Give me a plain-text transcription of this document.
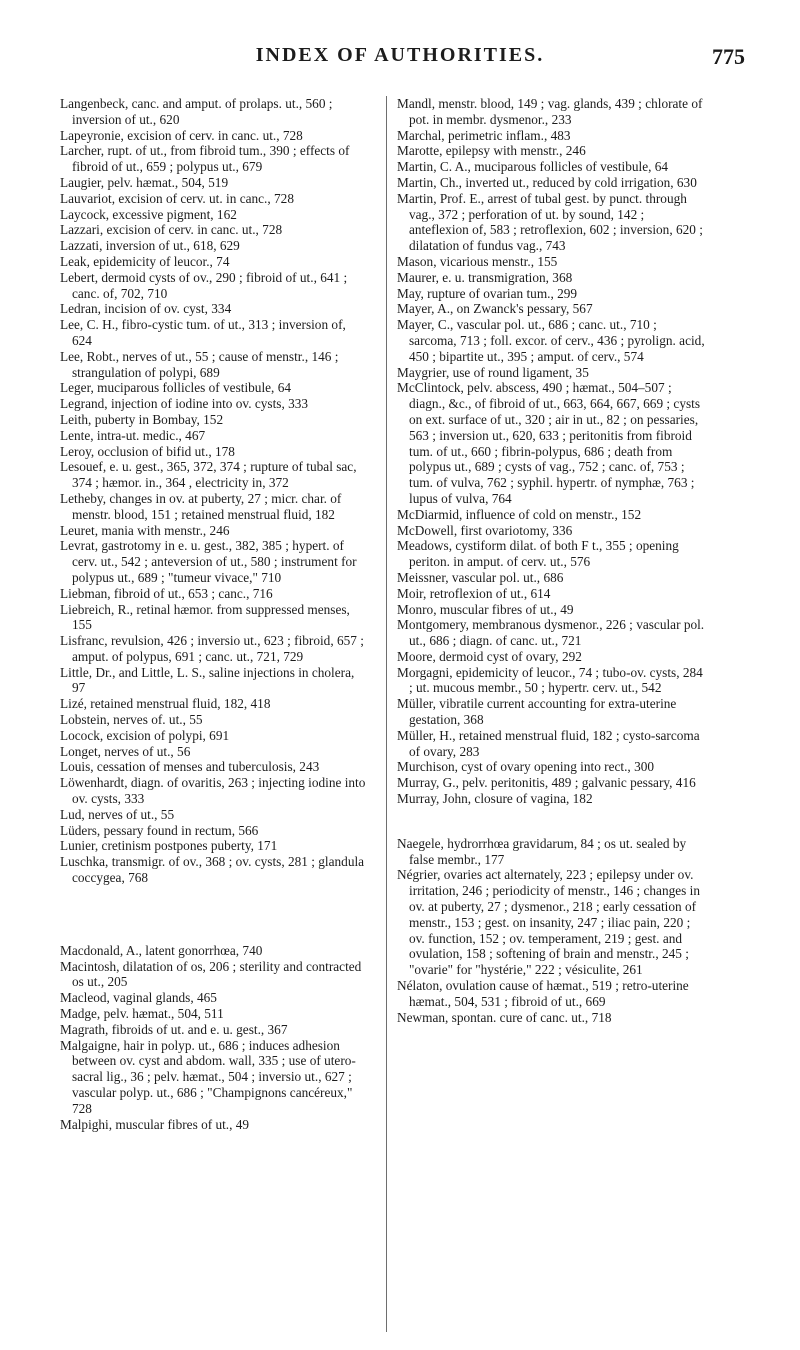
INDEX OF AUTHORITIES.	775

Langenbeck, canc. and amput. of prolaps. ut., 560 ; inversion of ut., 620

Lapeyronie, excision of cerv. in canc. ut., 728

Larcher, rupt. of ut., from fibroid tum., 390 ; effects of fibroid of ut., 659 ; polypus ut., 679

Laugier, pelv. hæmat., 504, 519

Lauvariot, excision of cerv. ut. in canc., 728

Laycock, excessive pigment, 162

Lazzari, excision of cerv. in canc. ut., 728

Lazzati, inversion of ut., 618, 629

Leak, epidemicity of leucor., 74

Lebert, dermoid cysts of ov., 290 ; fibroid of ut., 641 ; canc. of, 702, 710

Ledran, incision of ov. cyst, 334

Lee, C. H., fibro-cystic tum. of ut., 313 ; inversion of, 624

Lee, Robt., nerves of ut., 55 ; cause of menstr., 146 ; strangulation of polypi, 689

Leger, muciparous follicles of vestibule, 64

Legrand, injection of iodine into ov. cysts, 333

Leith, puberty in Bombay, 152

Lente, intra-ut. medic., 467

Leroy, occlusion of bifid ut., 178

Lesouef, e. u. gest., 365, 372, 374 ; rupture of tubal sac, 374 ; hæmor. in., 364 , electricity in, 372

Letheby, changes in ov. at puberty, 27 ; micr. char. of menstr. blood, 151 ; retained menstrual fluid, 182

Leuret, mania with menstr., 246

Levrat, gastrotomy in e. u. gest., 382, 385 ; hypert. of cerv. ut., 542 ; anteversion of ut., 580 ; instrument for polypus ut., 689 ; "tumeur vivace," 710

Liebman, fibroid of ut., 653 ; canc., 716

Liebreich, R., retinal hæmor. from suppressed menses, 155

Lisfranc, revulsion, 426 ; inversio ut., 623 ; fibroid, 657 ; amput. of polypus, 691 ; canc. ut., 721, 729

Little, Dr., and Little, L. S., saline injections in cholera, 97

Lizé, retained menstrual fluid, 182, 418

Lobstein, nerves of. ut., 55

Locock, excision of polypi, 691

Longet, nerves of ut., 56

Louis, cessation of menses and tuberculosis, 243

Löwenhardt, diagn. of ovaritis, 263 ; injecting iodine into ov. cysts, 333

Lud, nerves of ut., 55

Lüders, pessary found in rectum, 566

Lunier, cretinism postpones puberty, 171

Luschka, transmigr. of ov., 368 ; ov. cysts, 281 ; glandula coccygea, 768

Macdonald, A., latent gonorrhœa, 740

Macintosh, dilatation of os, 206 ; sterility and contracted os ut., 205

Macleod, vaginal glands, 465

Madge, pelv. hæmat., 504, 511

Magrath, fibroids of ut. and e. u. gest., 367

Malgaigne, hair in polyp. ut., 686 ; induces adhesion between ov. cyst and abdom. wall, 335 ; use of utero-sacral lig., 36 ; pelv. hæmat., 504 ; inversio ut., 627 ; vascular polyp. ut., 686 ; "Champignons cancéreux," 728

Malpighi, muscular fibres of ut., 49

Mandl, menstr. blood, 149 ; vag. glands, 439 ; chlorate of pot. in membr. dysmenor., 233

Marchal, perimetric inflam., 483

Marotte, epilepsy with menstr., 246

Martin, C. A., muciparous follicles of vestibule, 64

Martin, Ch., inverted ut., reduced by cold irrigation, 630

Martin, Prof. E., arrest of tubal gest. by punct. through vag., 372 ; perforation of ut. by sound, 142 ; anteflexion of, 583 ; retroflexion, 602 ; inversion, 620 ; dilatation of fundus vag., 743

Mason, vicarious menstr., 155

Maurer, e. u. transmigration, 368

May, rupture of ovarian tum., 299

Mayer, A., on Zwanck's pessary, 567

Mayer, C., vascular pol. ut., 686 ; canc. ut., 710 ; sarcoma, 713 ; foll. excor. of cerv., 436 ; pyrolign. acid, 450 ; bipartite ut., 395 ; amput. of cerv., 574

Maygrier, use of round ligament, 35

McClintock, pelv. abscess, 490 ; hæmat., 504–507 ; diagn., &c., of fibroid of ut., 663, 664, 667, 669 ; cysts on ext. surface of ut., 320 ; air in ut., 82 ; on pessaries, 563 ; inversion ut., 620, 633 ; peritonitis from fibroid tum. of ut., 660 ; fibrin-polypus, 686 ; death from polypus ut., 689 ; cysts of vag., 752 ; canc. of, 753 ; tum. of vulva, 762 ; syphil. hypertr. of nymphæ, 763 ; lupus of vulva, 764

McDiarmid, influence of cold on menstr., 152

McDowell, first ovariotomy, 336

Meadows, cystiform dilat. of both F t., 355 ; opening periton. in amput. of cerv. ut., 576

Meissner, vascular pol. ut., 686

Moir, retroflexion of ut., 614

Monro, muscular fibres of ut., 49

Montgomery, membranous dysmenor., 226 ; vascular pol. ut., 686 ; diagn. of canc. ut., 721

Moore, dermoid cyst of ovary, 292

Morgagni, epidemicity of leucor., 74 ; tubo-ov. cysts, 284 ; ut. mucous membr., 50 ; hypertr. cerv. ut., 542

Müller, vibratile current accounting for extra-uterine gestation, 368

Müller, H., retained menstrual fluid, 182 ; cysto-sarcoma of ovary, 283

Murchison, cyst of ovary opening into rect., 300

Murray, G., pelv. peritonitis, 489 ; galvanic pessary, 416

Murray, John, closure of vagina, 182

Naegele, hydrorrhœa gravidarum, 84 ; os ut. sealed by false membr., 177

Négrier, ovaries act alternately, 223 ; epilepsy under ov. irritation, 246 ; periodicity of menstr., 146 ; changes in ov. at puberty, 27 ; dysmenor., 218 ; early cessation of menstr., 153 ; gest. on insanity, 247 ; iliac pain, 220 ; ov. function, 152 ; ov. temperament, 219 ; gest. and ovulation, 158 ; softening of brain and menstr., 245 ; "ovarie" for "hystérie," 222 ; vésiculite, 261

Nélaton, ovulation cause of hæmat., 519 ; retro-uterine hæmat., 504, 531 ; fibroid of ut., 669

Newman, spontan. cure of canc. ut., 718
